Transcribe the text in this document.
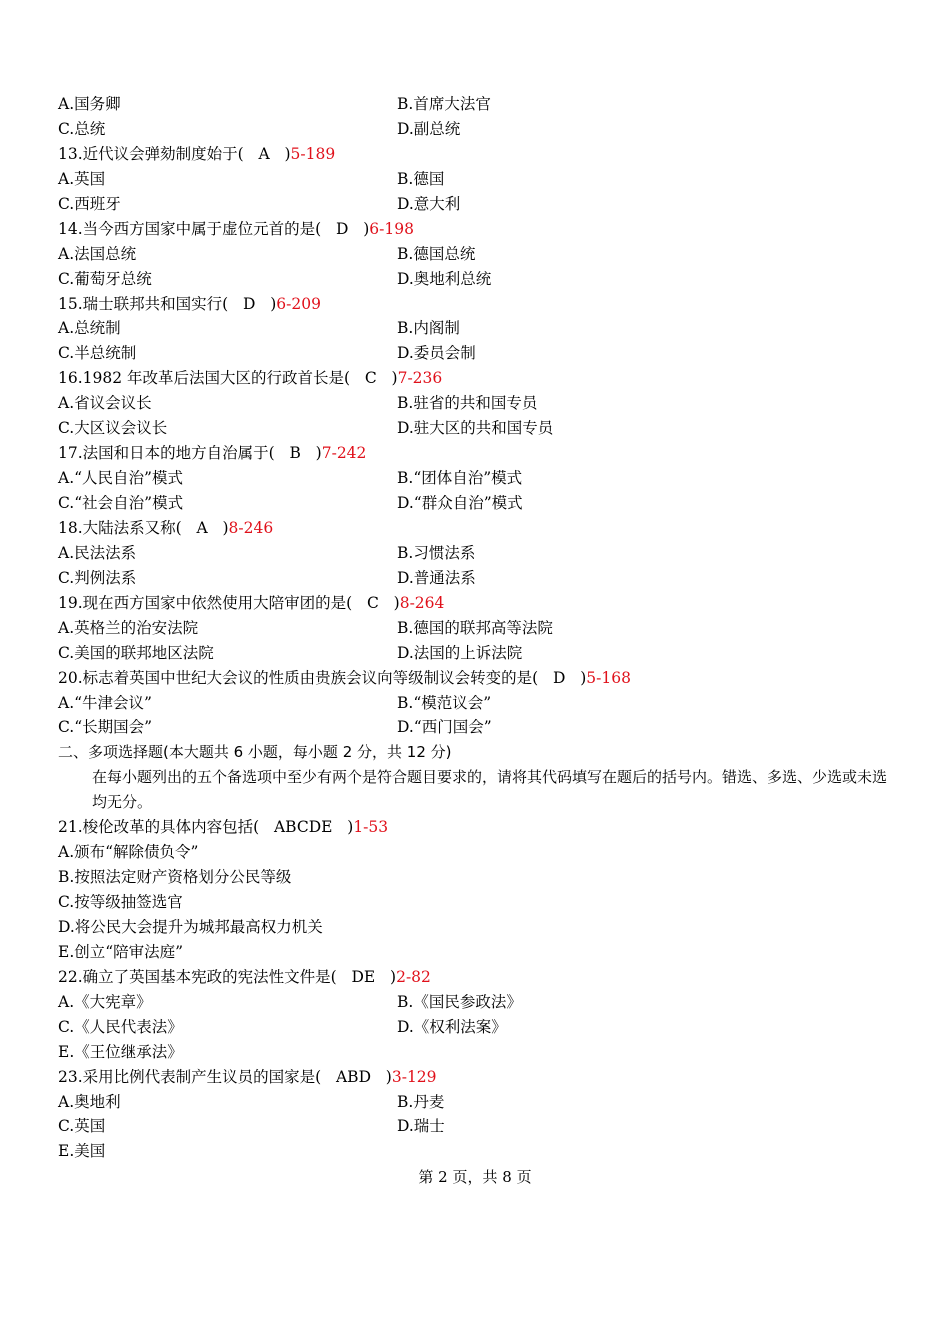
A.国务卿	B.首席大法官
C.总统	D.副总统
13.近代议会弹劾制度始于( A )5-189
A.英国	B.德国
C.西班牙	D.意大利
14.当今西方国家中属于虚位元首的是( D )6-198
A.法国总统	B.德国总统
C.葡萄牙总统	D.奥地利总统
15.瑞士联邦共和国实行( D )6-209
A.总统制	B.内阁制
C.半总统制	D.委员会制
16.1982 年改革后法国大区的行政首长是( C )7-236
A.省议会议长	B.驻省的共和国专员
C.大区议会议长	D.驻大区的共和国专员
17.法国和日本的地方自治属于( B )7-242
A.“人民自治”模式	B.“团体自治”模式
C.“社会自治”模式	D.“群众自治”模式
18.大陆法系又称( A )8-246
A.民法法系	B.习惯法系
C.判例法系	D.普通法系
19.现在西方国家中依然使用大陪审团的是( C )8-264
A.英格兰的治安法院	B.德国的联邦高等法院
C.美国的联邦地区法院	D.法国的上诉法院
20.标志着英国中世纪大会议的性质由贵族会议向等级制议会转变的是( D )5-168
A.“牛津会议”	B.“模范议会”
C.“长期国会”	D.“西门国会”
二、多项选择题(本大题共 6 小题，每小题 2 分，共 12 分)
在每小题列出的五个备选项中至少有两个是符合题目要求的，请将其代码填写在题后的括号内。错选、多选、少选或未选均无分。
21.梭伦改革的具体内容包括( ABCDE )1-53
A.颁布“解除债负令”
B.按照法定财产资格划分公民等级
C.按等级抽签选官
D.将公民大会提升为城邦最高权力机关
E.创立“陪审法庭”
22.确立了英国基本宪政的宪法性文件是( DE )2-82
A.《大宪章》	B.《国民参政法》
C.《人民代表法》	D.《权利法案》
E.《王位继承法》
23.采用比例代表制产生议员的国家是( ABD )3-129
A.奥地利	B.丹麦
C.英国	D.瑞士
E.美国
第 2 页，共 8 页
